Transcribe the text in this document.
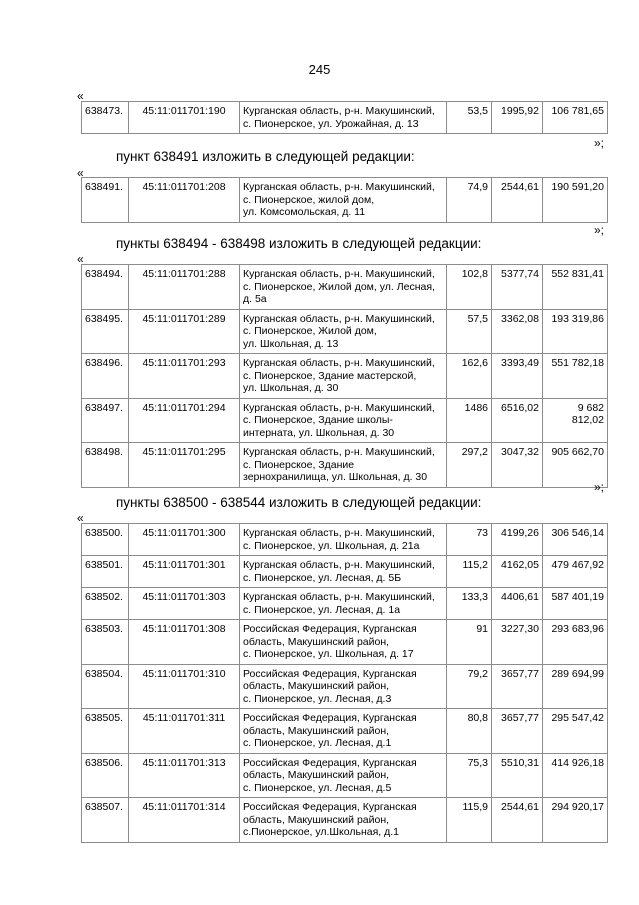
245
«
638473.	45:11:011701:190	Курганская область, р-н. Макушинский,
с. Пионерское, ул. Урожайная, д. 13
	53,5	1995,92	106 781,65
»;
пункт 638491 изложить в следующей редакции:
«
638491.	45:11:011701:208	Курганская область, р-н. Макушинский,
с. Пионерское, жилой дом,
ул. Комсомольская, д. 11
	74,9	2544,61	190 591,20
»;
пункты 638494 - 638498 изложить в следующей редакции:
«
638494.	45:11:011701:288	Курганская область, р-н. Макушинский,
с. Пионерское, Жилой дом, ул. Лесная,
д. 5а	102,8	5377,74	552 831,41
638495.	45:11:011701:289	Курганская область, р-н. Макушинский,
с. Пионерское, Жилой дом,
ул. Школьная, д. 13	57,5	3362,08	193 319,86
638496.	45:11:011701:293	Курганская область, р-н. Макушинский,
с. Пионерское, Здание мастерской,
ул. Школьная, д. 30	162,6	3393,49	551 782,18
638497.	45:11:011701:294	Курганская область, р-н. Макушинский,
с. Пионерское, Здание школы-
интерната, ул. Школьная, д. 30	1486	6516,02	9 682 812,02
638498.	45:11:011701:295	Курганская область, р-н. Макушинский,
с. Пионерское, Здание
зернохранилища, ул. Школьная, д. 30	297,2	3047,32	905 662,70
»;
пункты 638500 - 638544 изложить в следующей редакции:
«
638500.	45:11:011701:300	Курганская область, р-н. Макушинский,
с. Пионерское, ул. Школьная, д. 21а	73	4199,26	306 546,14
638501.	45:11:011701:301	Курганская область, р-н. Макушинский,
с. Пионерское, ул. Лесная, д. 5Б	115,2	4162,05	479 467,92
638502.	45:11:011701:303	Курганская область, р-н. Макушинский,
с. Пионерское, ул. Лесная, д. 1а	133,3	4406,61	587 401,19
638503.	45:11:011701:308	Российская Федерация, Курганская
область, Макушинский район,
с. Пионерское, ул. Школьная, д. 17	91	3227,30	293 683,96
638504.	45:11:011701:310	Российская Федерация, Курганская
область, Макушинский район,
с. Пионерское, ул. Лесная, д.3	79,2	3657,77	289 694,99
638505.	45:11:011701:311	Российская Федерация, Курганская
область, Макушинский район,
с. Пионерское, ул. Лесная, д.1	80,8	3657,77	295 547,42
638506.	45:11:011701:313	Российская Федерация, Курганская
область, Макушинский район,
с. Пионерское, ул. Лесная, д.5	75,3	5510,31	414 926,18
638507.	45:11:011701:314	Российская Федерация, Курганская
область, Макушинский район,
с.Пионерское, ул.Школьная, д.1	115,9	2544,61	294 920,17
